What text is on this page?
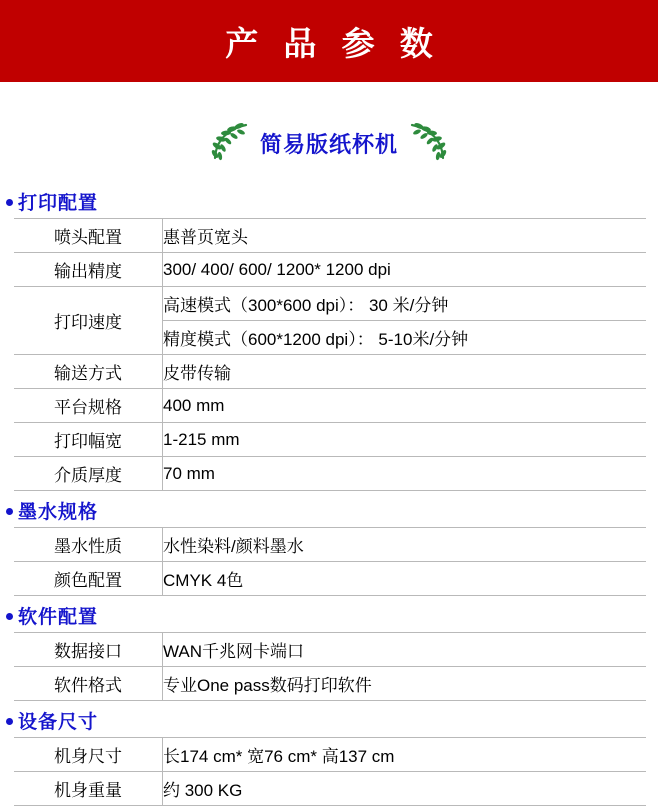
产 品 参 数
简易版纸杯机
打印配置
喷头配置	惠普页宽头
输出精度	300/ 400/ 600/ 1200* 1200 dpi
打印速度	高速模式（300*600 dpi）： 30 米/分钟
	精度模式（600*1200 dpi）： 5-10米/分钟
输送方式	皮带传输
平台规格	400 mm
打印幅宽	1-215 mm
介质厚度	70 mm
墨水规格
墨水性质	水性染料/颜料墨水
颜色配置	CMYK 4色
软件配置
数据接口	WAN千兆网卡端口
软件格式	专业One pass数码打印软件
设备尺寸
机身尺寸	长174 cm* 宽76 cm* 高137 cm
机身重量	约 300 KG
